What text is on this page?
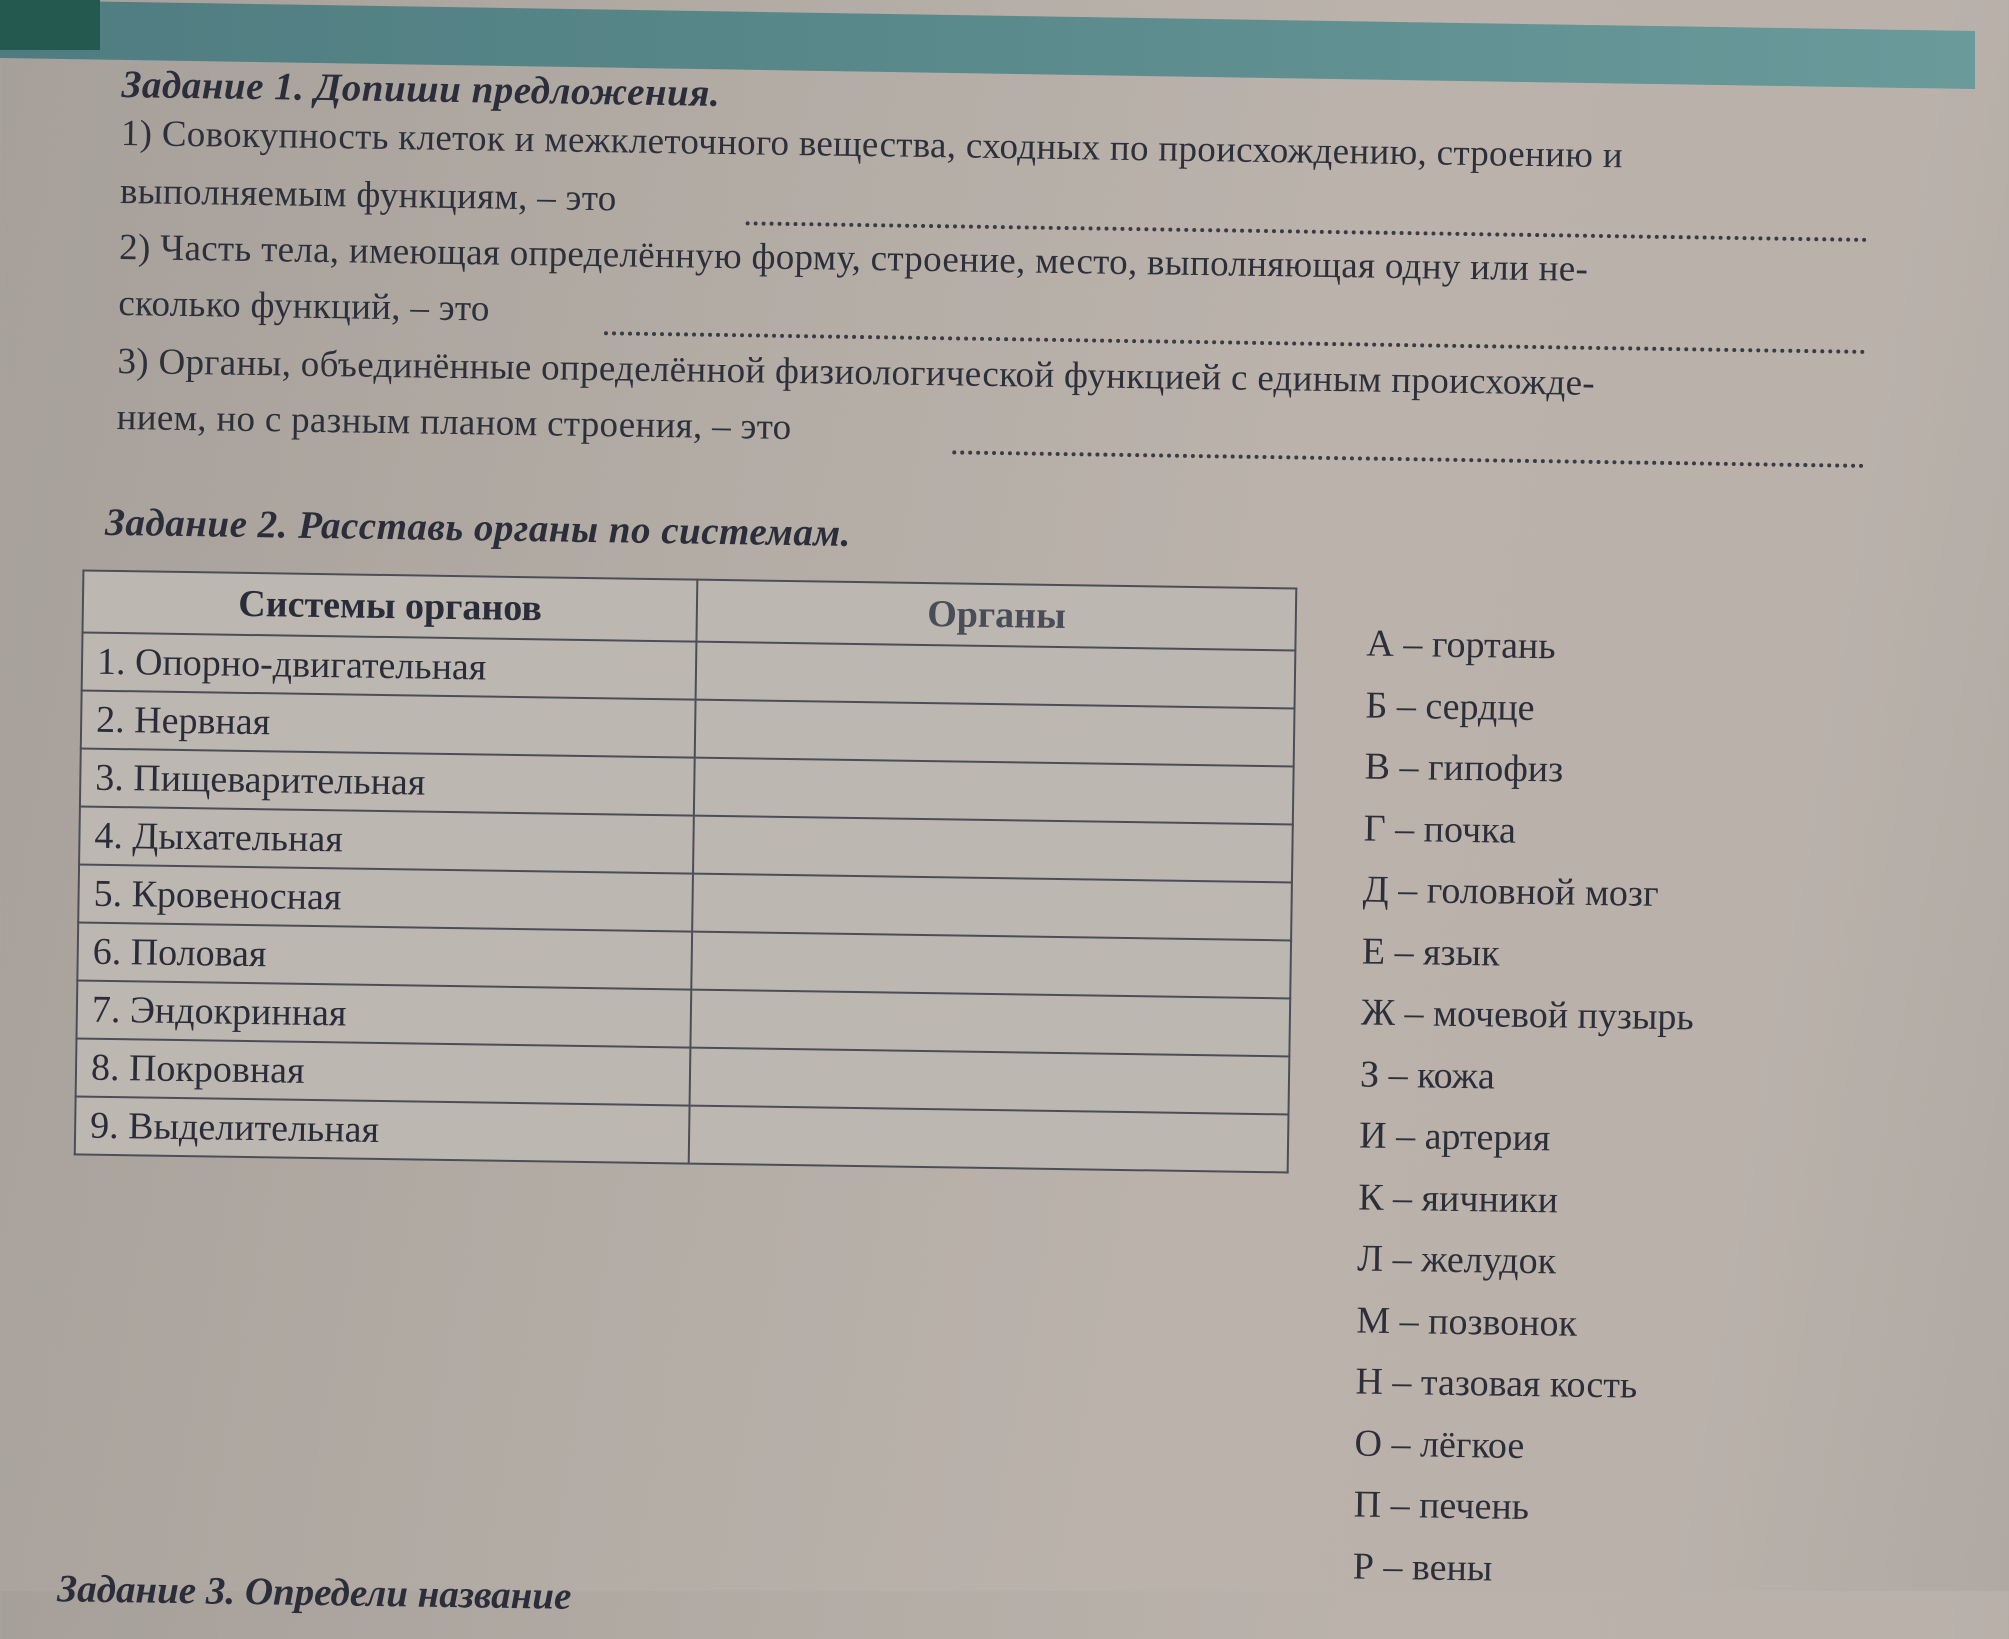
Задание 1. Допиши предложения.
1) Совокупность клеток и межклеточного вещества, сходных по происхождению, строению и
выполняемым функциям, – это
2) Часть тела, имеющая определённую форму, строение, место, выполняющая одну или не-
сколько функций, – это
3) Органы, объединённые определённой физиологической функцией с единым происхожде-
нием, но с разным планом строения, – это
Задание 2. Расставь органы по системам.
Системы органов	Органы
1. Опорно-двигательная	
2. Нервная	
3. Пищеварительная	
4. Дыхательная	
5. Кровеносная	
6. Половая	
7. Эндокринная	
8. Покровная	
9. Выделительная	
А – гортань
Б – сердце
В – гипофиз
Г – почка
Д – головной мозг
Е – язык
Ж – мочевой пузырь
З – кожа
И – артерия
К – яичники
Л – желудок
М – позвонок
Н – тазовая кость
О – лёгкое
П – печень
Р – вены
Задание 3. Определи название
